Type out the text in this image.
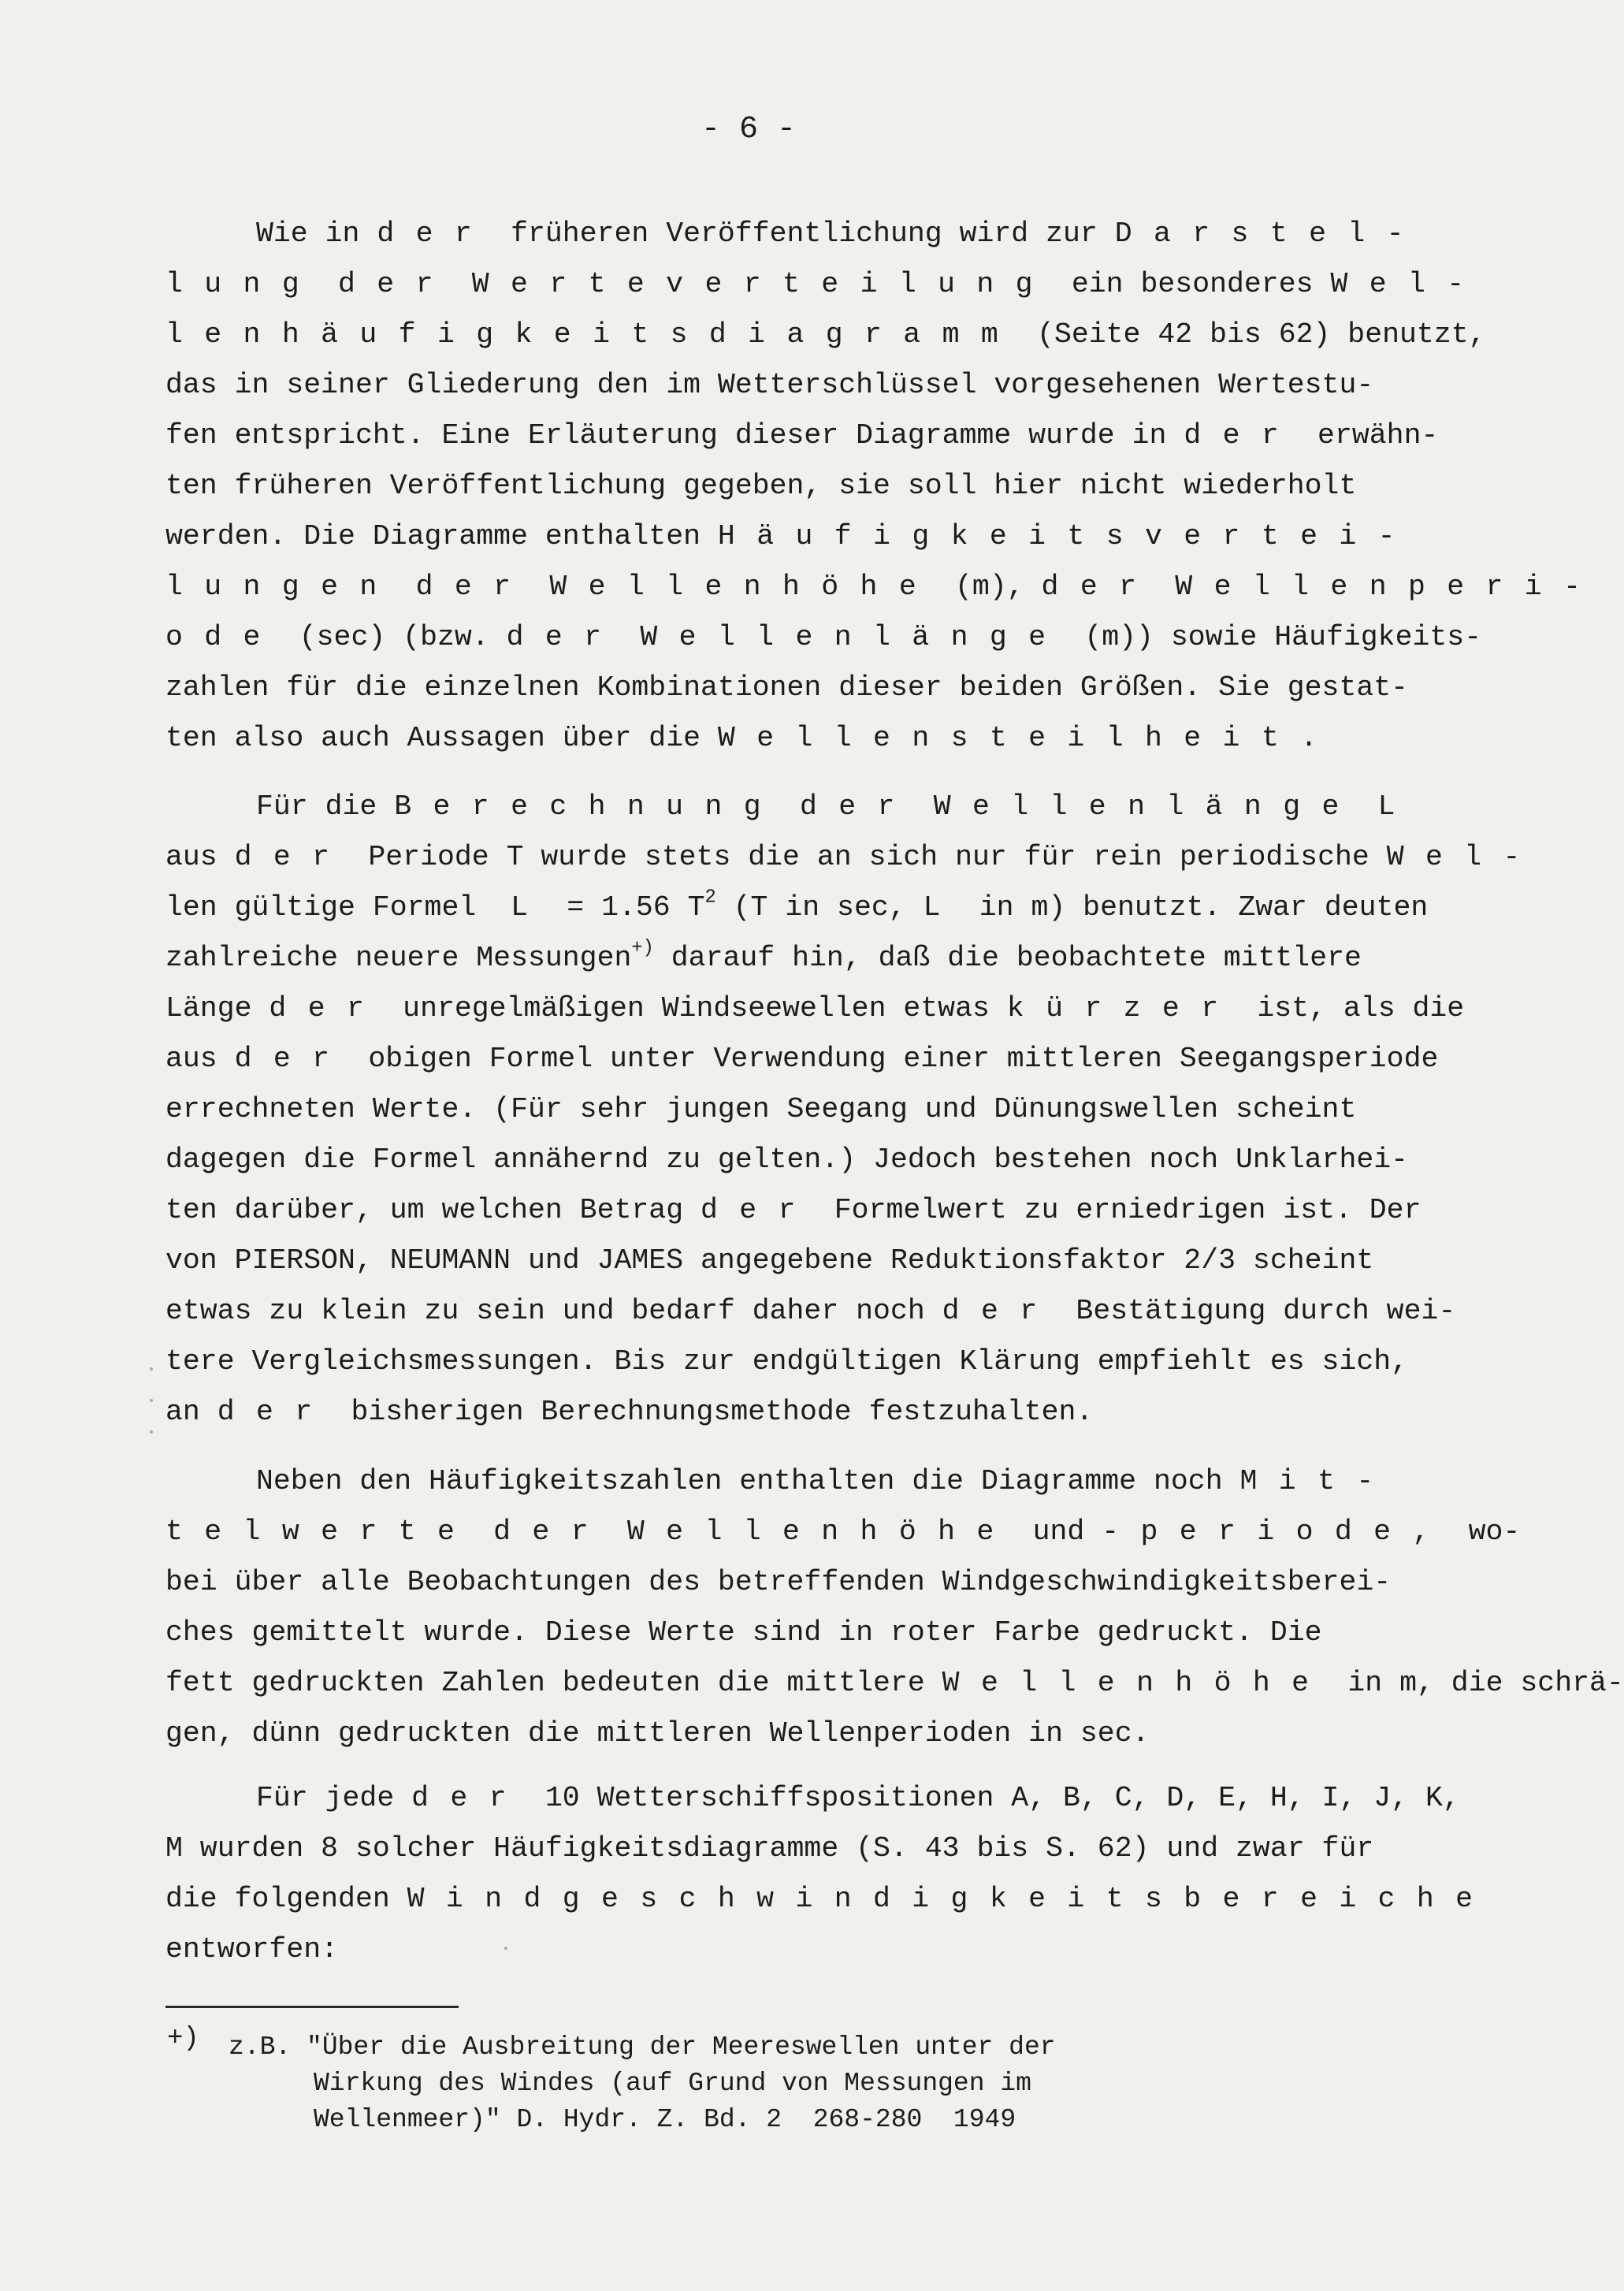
- 6 -
Wie in der früheren Veröffentlichung wird zur Darstel-
lung der Werteverteilung ein besonderes Wel-
lenhäufigkeitsdiagramm (Seite 42 bis 62) benutzt,
das in seiner Gliederung den im Wetterschlüssel vorgesehenen Wertestu-
fen entspricht. Eine Erläuterung dieser Diagramme wurde in der erwähn-
ten früheren Veröffentlichung gegeben, sie soll hier nicht wiederholt
werden. Die Diagramme enthalten Häufigkeitsvertei-
lungen der Wellenhöhe (m), der Wellenperi-
ode (sec) (bzw. der Wellenlänge (m)) sowie Häufigkeits-
zahlen für die einzelnen Kombinationen dieser beiden Größen. Sie gestat-
ten also auch Aussagen über die Wellensteilheit.
Für die Berechnung der Wellenlänge L
aus der Periode T wurde stets die an sich nur für rein periodische Wel-
len gültige Formel  L = 1.56 $T^2$ (T in sec, L in m) benutzt. Zwar deuten
zahlreiche neuere Messungen+) darauf hin, daß die beobachtete mittlere
Länge der unregelmäßigen Windseewellen etwas kürzer ist, als die
aus der obigen Formel unter Verwendung einer mittleren Seegangsperiode
errechneten Werte. (Für sehr jungen Seegang und Dünungswellen scheint
dagegen die Formel annähernd zu gelten.) Jedoch bestehen noch Unklarhei-
ten darüber, um welchen Betrag der Formelwert zu erniedrigen ist. Der
von PIERSON, NEUMANN und JAMES angegebene Reduktionsfaktor 2/3 scheint
etwas zu klein zu sein und bedarf daher noch der Bestätigung durch wei-
tere Vergleichsmessungen. Bis zur endgültigen Klärung empfiehlt es sich,
an der bisherigen Berechnungsmethode festzuhalten.
Neben den Häufigkeitszahlen enthalten die Diagramme noch Mit-
telwerte der Wellenhöhe und -periode, wo-
bei über alle Beobachtungen des betreffenden Windgeschwindigkeitsberei-
ches gemittelt wurde. Diese Werte sind in roter Farbe gedruckt. Die
fett gedruckten Zahlen bedeuten die mittlere Wellenhöhe in m, die schrä-
gen, dünn gedruckten die mittleren Wellenperioden in sec.
Für jede der 10 Wetterschiffspositionen A, B, C, D, E, H, I, J, K,
M wurden 8 solcher Häufigkeitsdiagramme (S. 43 bis S. 62) und zwar für
die folgenden Windgeschwindigkeitsbereiche
entworfen:
+) z.B. "Über die Ausbreitung der Meereswellen unter der
Wirkung des Windes (auf Grund von Messungen im
Wellenmeer)" D. Hydr. Z. Bd. 2  268-280  1949
